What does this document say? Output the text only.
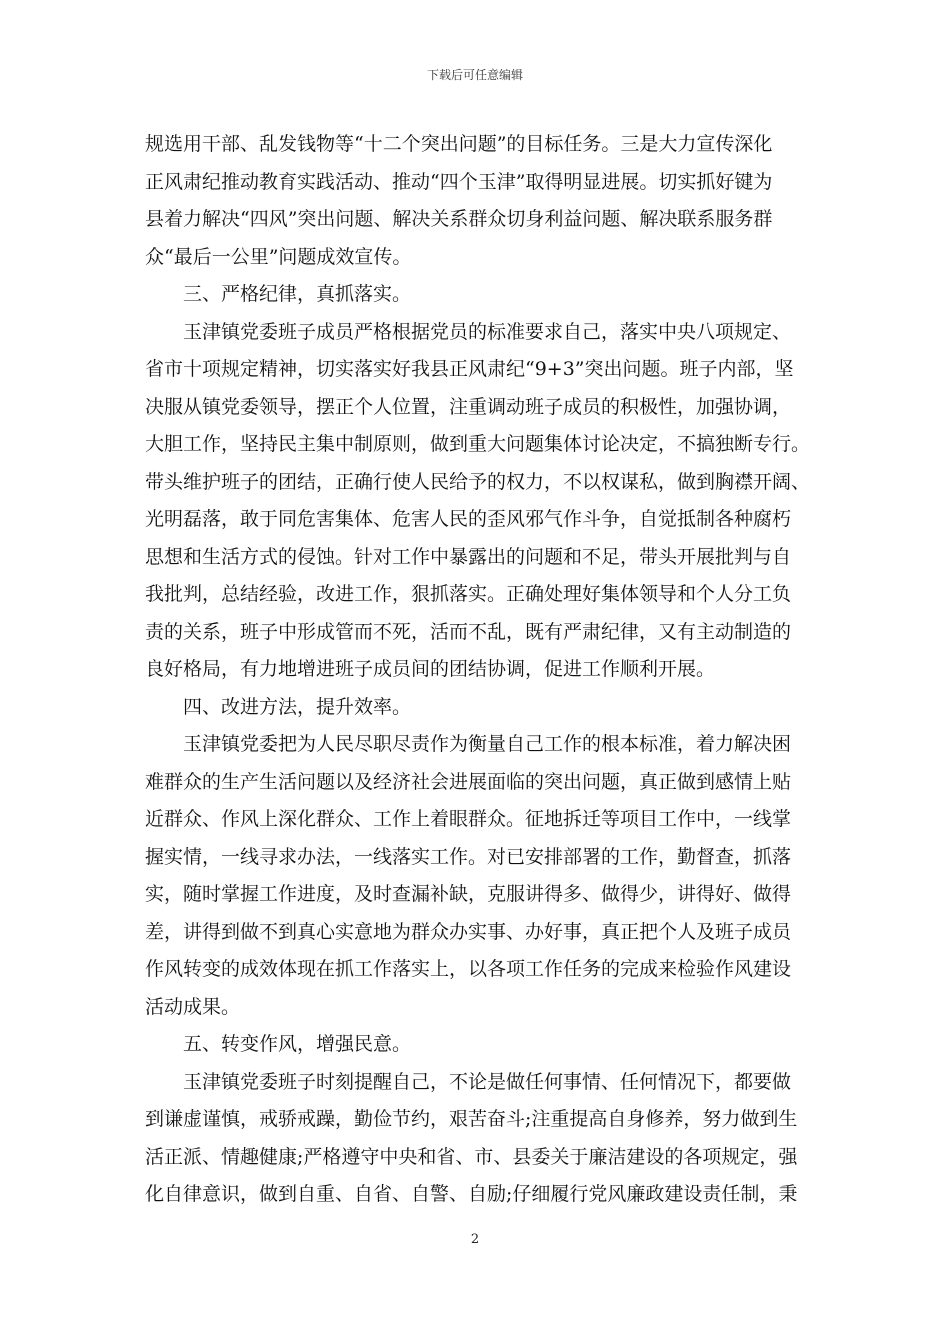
下载后可任意编辑
规选用干部、乱发钱物等“十二个突出问题”的目标任务。三是大力宣传深化
正风肃纪推动教育实践活动、推动“四个玉津”取得明显进展。切实抓好键为
县着力解决“四风”突出问题、解决关系群众切身利益问题、解决联系服务群
众“最后一公里”问题成效宣传。
三、严格纪律，真抓落实。
玉津镇党委班子成员严格根据党员的标准要求自己，落实中央八项规定、
省市十项规定精神，切实落实好我县正风肃纪“9+3”突出问题。班子内部，坚
决服从镇党委领导，摆正个人位置，注重调动班子成员的积极性，加强协调，
大胆工作，坚持民主集中制原则，做到重大问题集体讨论决定，不搞独断专行。
带头维护班子的团结，正确行使人民给予的权力，不以权谋私，做到胸襟开阔、
光明磊落，敢于同危害集体、危害人民的歪风邪气作斗争，自觉抵制各种腐朽
思想和生活方式的侵蚀。针对工作中暴露出的问题和不足，带头开展批判与自
我批判，总结经验，改进工作，狠抓落实。正确处理好集体领导和个人分工负
责的关系，班子中形成管而不死，活而不乱，既有严肃纪律，又有主动制造的
良好格局，有力地增进班子成员间的团结协调，促进工作顺利开展。
四、改进方法，提升效率。
玉津镇党委把为人民尽职尽责作为衡量自己工作的根本标准，着力解决困
难群众的生产生活问题以及经济社会进展面临的突出问题，真正做到感情上贴
近群众、作风上深化群众、工作上着眼群众。征地拆迁等项目工作中，一线掌
握实情，一线寻求办法，一线落实工作。对已安排部署的工作，勤督查，抓落
实，随时掌握工作进度，及时查漏补缺，克服讲得多、做得少，讲得好、做得
差，讲得到做不到真心实意地为群众办实事、办好事，真正把个人及班子成员
作风转变的成效体现在抓工作落实上，以各项工作任务的完成来检验作风建设
活动成果。
五、转变作风，增强民意。
玉津镇党委班子时刻提醒自己，不论是做任何事情、任何情况下，都要做
到谦虚谨慎，戒骄戒躁，勤俭节约，艰苦奋斗;注重提高自身修养，努力做到生
活正派、情趣健康;严格遵守中央和省、市、县委关于廉洁建设的各项规定，强
化自律意识，做到自重、自省、自警、自励;仔细履行党风廉政建设责任制，秉
2
